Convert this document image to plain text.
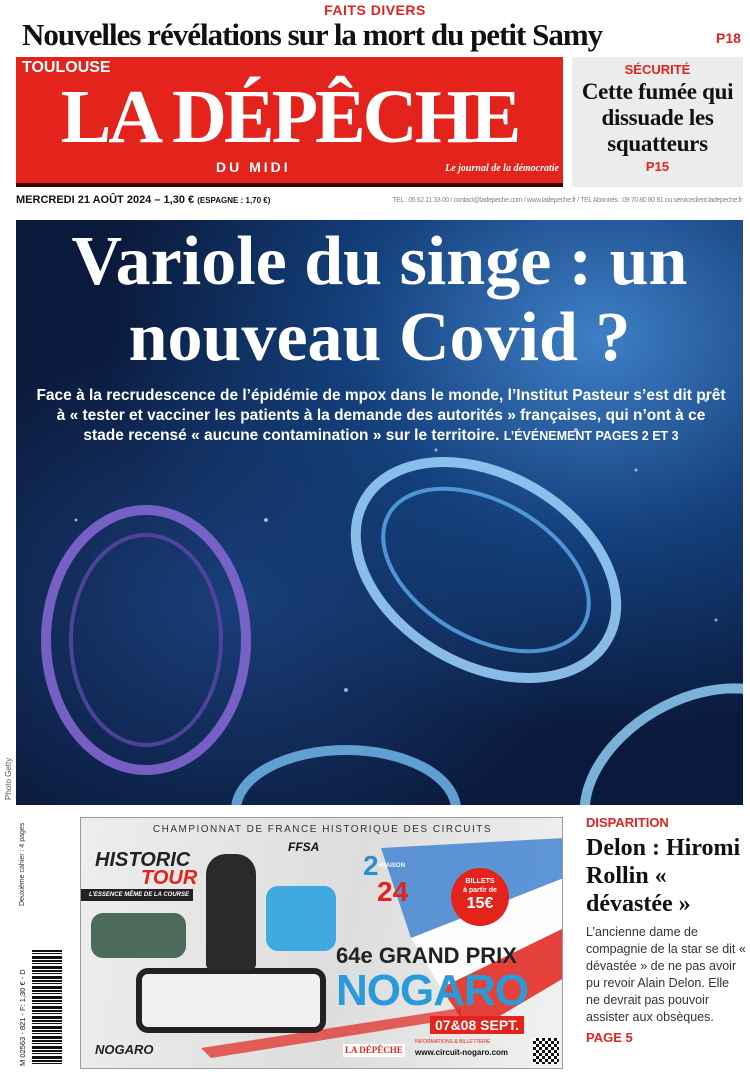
FAITS DIVERS
Nouvelles révélations sur la mort du petit Samy	P18
TOULOUSE
LA DÉPÊCHE
DU MIDI	Le journal de la démocratie
SÉCURITÉ
Cette fumée qui dissuade les squatteurs
P15
MERCREDI 21 AOÛT 2024 – 1,30 € (ESPAGNE : 1,70 €)	TEL : 05 62 11 33 00 / contact@ladepeche.com / www.ladepeche.fr / TEL Abonnés : 09 70 80 80 81 ou serviceclient.ladepeche.fr
Variole du singe : un nouveau Covid ?
Face à la recrudescence de l’épidémie de mpox dans le monde, l’Institut Pasteur s’est dit prêt à « tester et vacciner les patients à la demande des autorités » françaises, qui n’ont à ce stade recensé « aucune contamination » sur le territoire. L’ÉVÉNEMENT PAGES 2 ET 3
Photo Getty
Deuxième cahier : 4 pages
M 02563 - 821 - F: 1,30 € - D
CHAMPIONNAT DE FRANCE HISTORIQUE DES CIRCUITS
FFSA
HISTORIC
TOUR
L’ESSENCE MÊME DE LA COURSE
$2^{\#SAISON}$
24	BILLETS
à partir de
15€
64e GRAND PRIX
NOGARO
07&08 SEPT.
NOGARO	LA DÉPÊCHE
INFORMATIONS & BILLETTERIE
www.circuit-nogaro.com
DISPARITION
Delon : Hiromi Rollin « dévastée »
L’ancienne dame de compagnie de la star se dit « dévastée » de ne pas avoir pu revoir Alain Delon. Elle ne devrait pas pouvoir assister aux obsèques.
PAGE 5
